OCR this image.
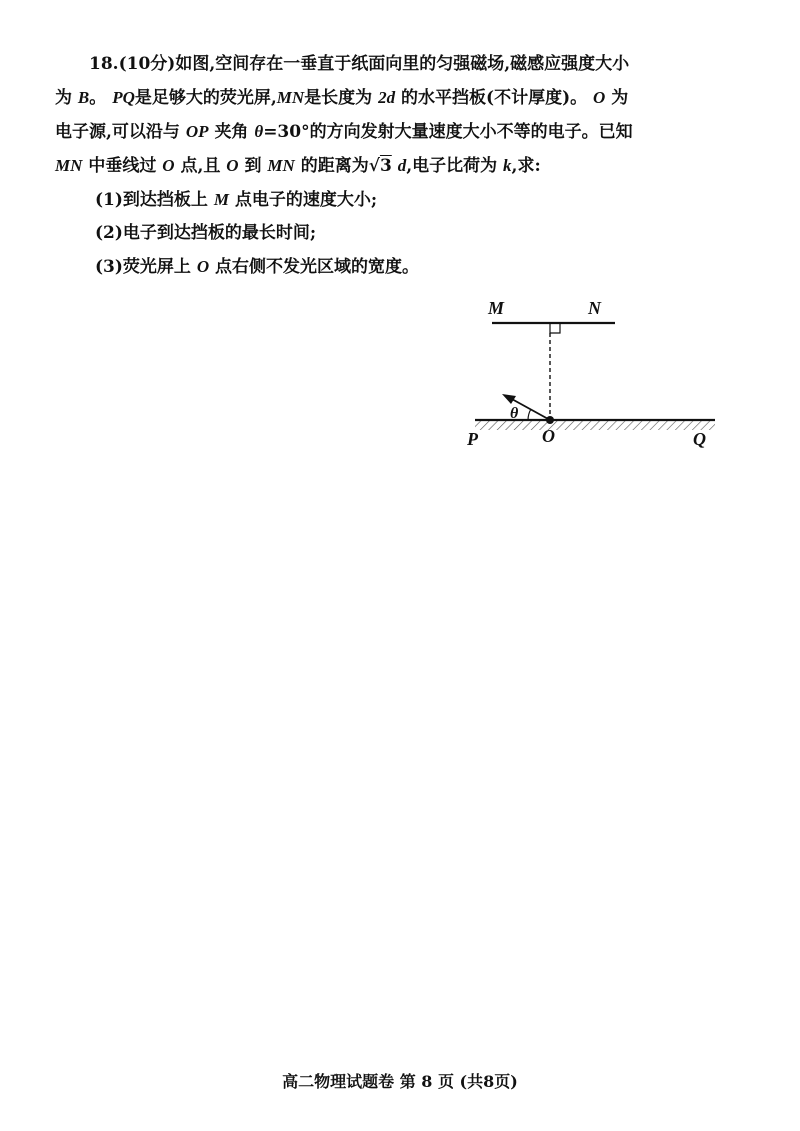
18.(10分)如图,空间存在一垂直于纸面向里的匀强磁场,磁感应强度大小

为 B。 PQ是足够大的荧光屏,MN是长度为 2d 的水平挡板(不计厚度)。 O 为

电子源,可以沿与 OP 夹角 θ=30°的方向发射大量速度大小不等的电子。已知

MN 中垂线过 O 点,且 O 到 MN 的距离为√3 d,电子比荷为 k,求:

(1)到达挡板上 M 点电子的速度大小;

(2)电子到达挡板的最长时间;

(3)荧光屏上 O 点右侧不发光区域的宽度。

M	N
θ
O
P	Q
高二物理试题卷 第 8 页 (共8页)
